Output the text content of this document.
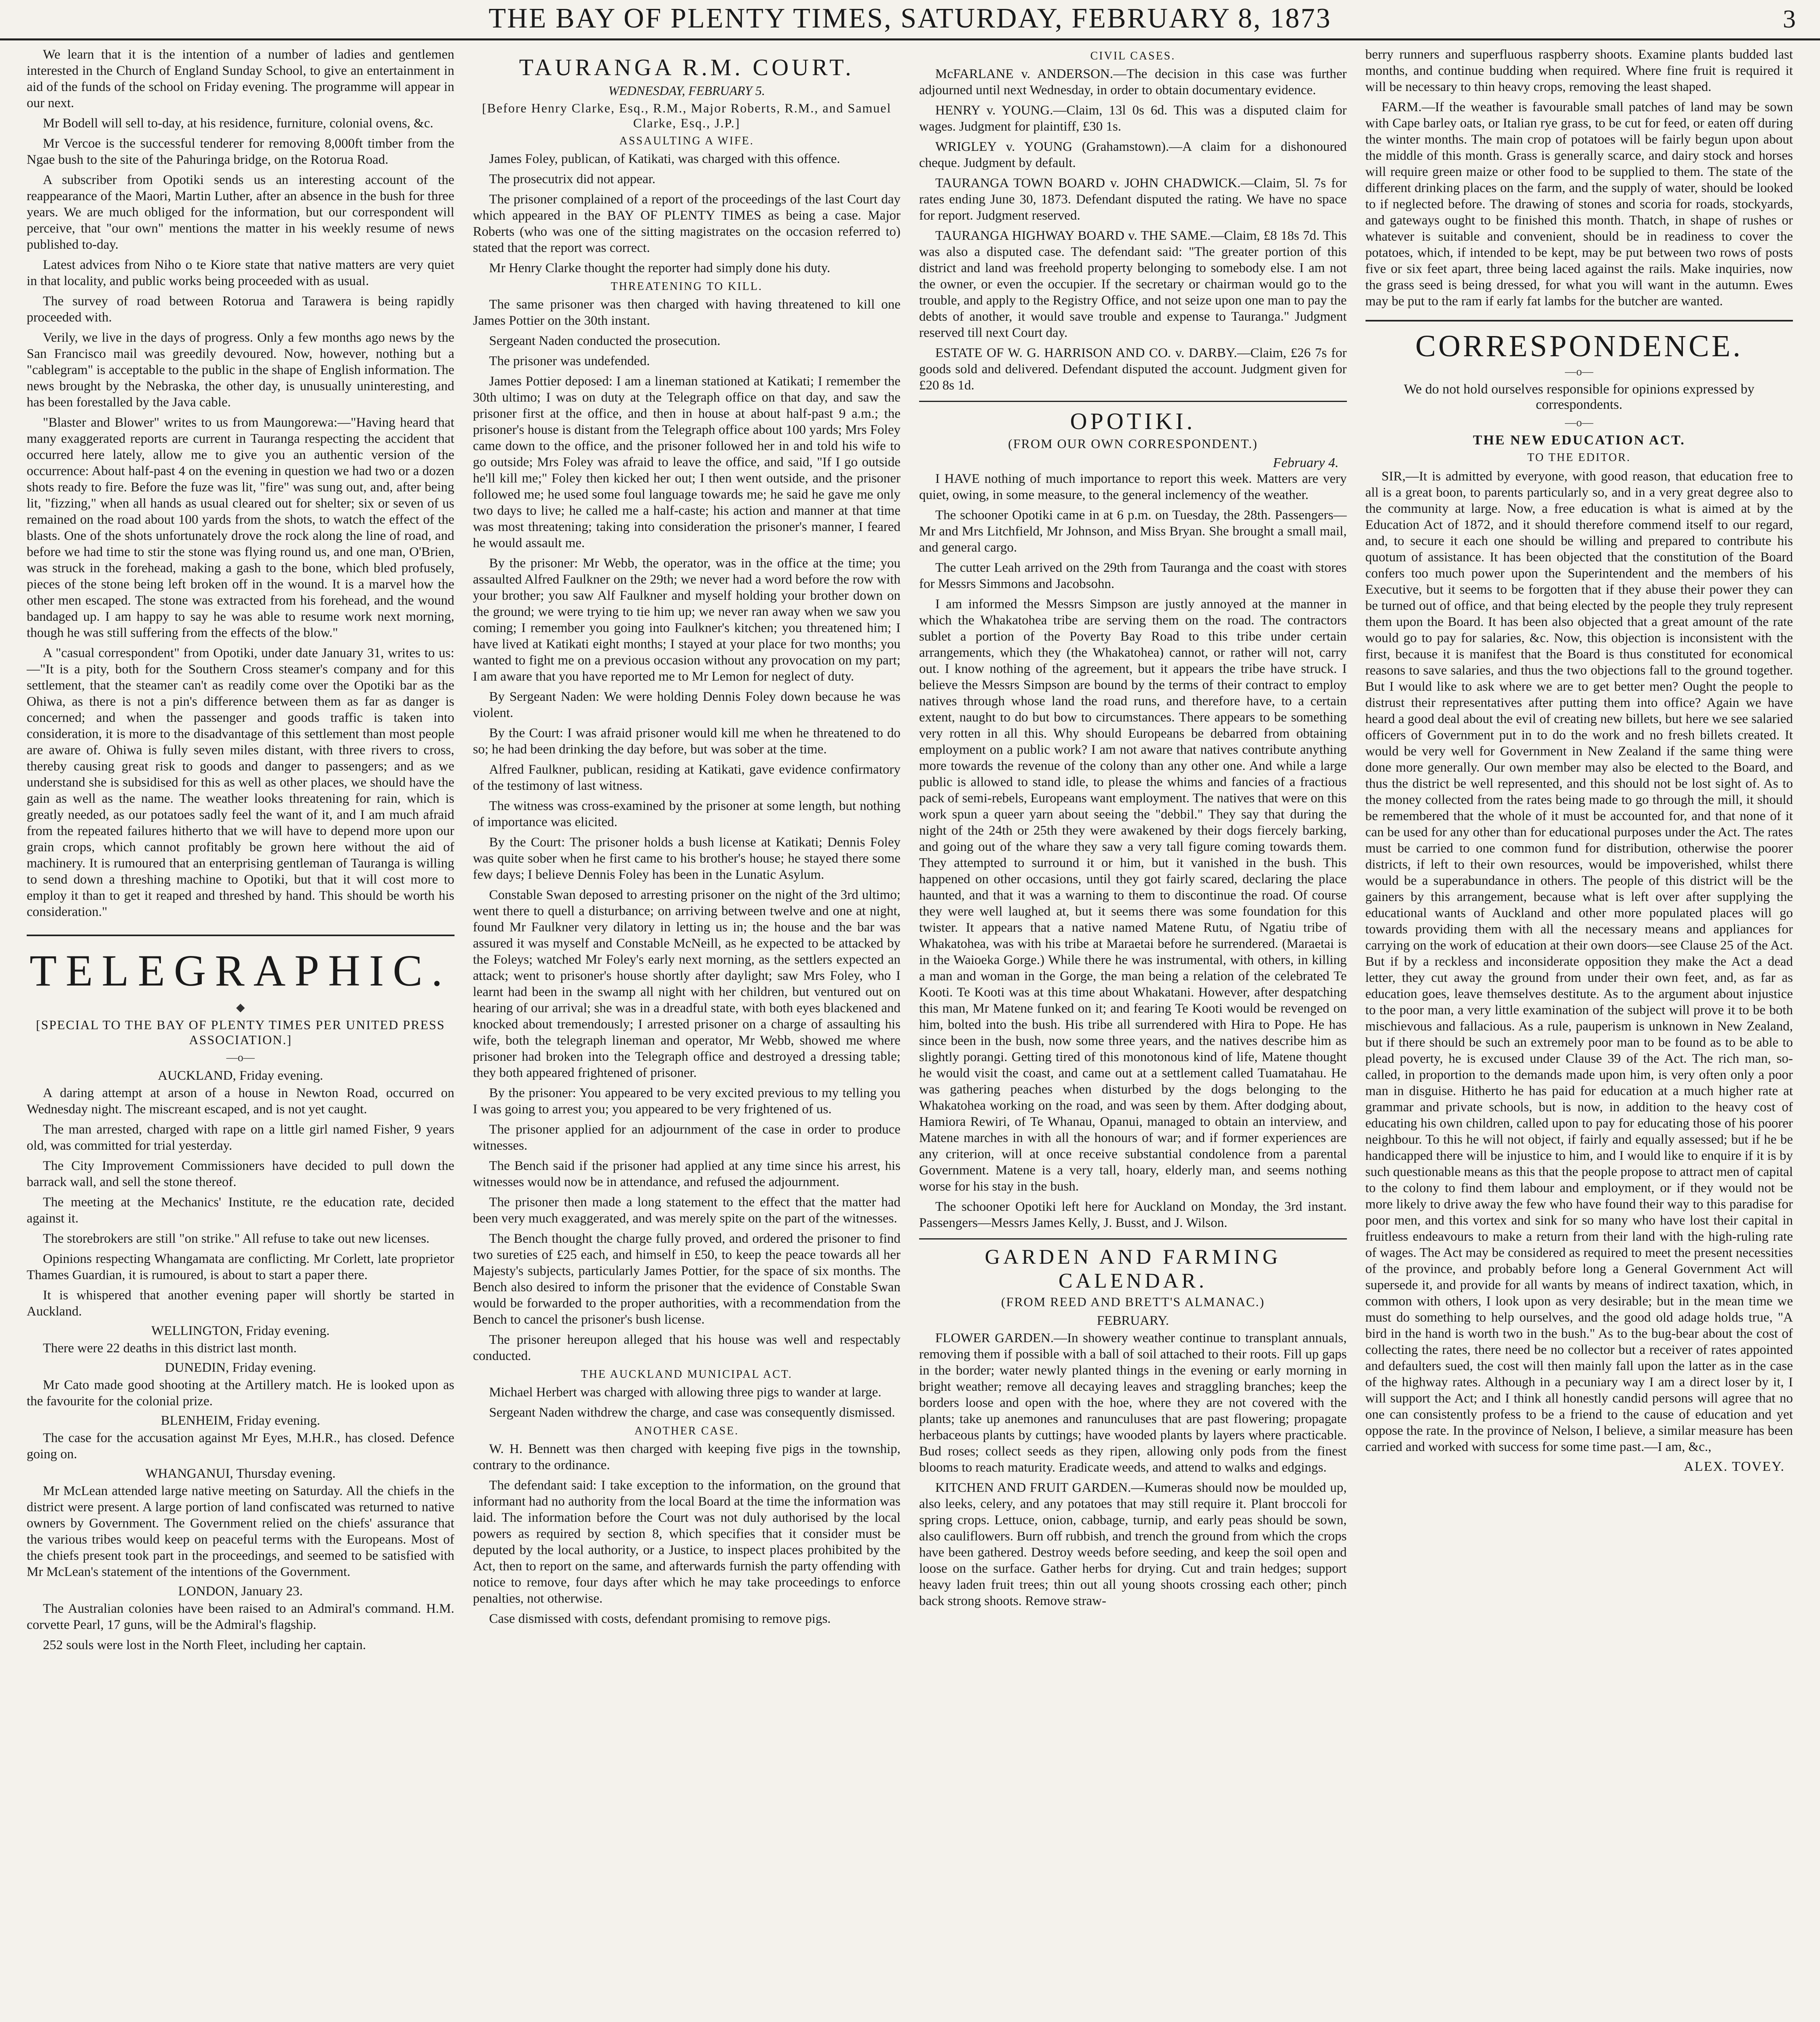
THE BAY OF PLENTY TIMES, SATURDAY, FEBRUARY 8, 1873	3

We learn that it is the intention of a number of ladies and gentlemen interested in the Church of England Sunday School, to give an entertainment in aid of the funds of the school on Friday evening. The programme will appear in our next.

Mr Bodell will sell to-day, at his residence, furniture, colonial ovens, &c.

Mr Vercoe is the successful tenderer for removing 8,000ft timber from the Ngae bush to the site of the Pahuringa bridge, on the Rotorua Road.

A subscriber from Opotiki sends us an interesting account of the reappearance of the Maori, Martin Luther, after an absence in the bush for three years. We are much obliged for the information, but our correspondent will perceive, that "our own" mentions the matter in his weekly resume of news published to-day.

Latest advices from Niho o te Kiore state that native matters are very quiet in that locality, and public works being proceeded with as usual.

The survey of road between Rotorua and Tarawera is being rapidly proceeded with.

Verily, we live in the days of progress. Only a few months ago news by the San Francisco mail was greedily devoured. Now, however, nothing but a "cablegram" is acceptable to the public in the shape of English information. The news brought by the Nebraska, the other day, is unusually uninteresting, and has been forestalled by the Java cable.

"Blaster and Blower" writes to us from Maungorewa:—"Having heard that many exaggerated reports are current in Tauranga respecting the accident that occurred here lately, allow me to give you an authentic version of the occurrence: About half-past 4 on the evening in question we had two or a dozen shots ready to fire. Before the fuze was lit, "fire" was sung out, and, after being lit, "fizzing," when all hands as usual cleared out for shelter; six or seven of us remained on the road about 100 yards from the shots, to watch the effect of the blasts. One of the shots unfortunately drove the rock along the line of road, and before we had time to stir the stone was flying round us, and one man, O'Brien, was struck in the forehead, making a gash to the bone, which bled profusely, pieces of the stone being left broken off in the wound. It is a marvel how the other men escaped. The stone was extracted from his forehead, and the wound bandaged up. I am happy to say he was able to resume work next morning, though he was still suffering from the effects of the blow."

A "casual correspondent" from Opotiki, under date January 31, writes to us:—"It is a pity, both for the Southern Cross steamer's company and for this settlement, that the steamer can't as readily come over the Opotiki bar as the Ohiwa, as there is not a pin's difference between them as far as danger is concerned; and when the passenger and goods traffic is taken into consideration, it is more to the disadvantage of this settlement than most people are aware of. Ohiwa is fully seven miles distant, with three rivers to cross, thereby causing great risk to goods and danger to passengers; and as we understand she is subsidised for this as well as other places, we should have the gain as well as the name. The weather looks threatening for rain, which is greatly needed, as our potatoes sadly feel the want of it, and I am much afraid from the repeated failures hitherto that we will have to depend more upon our grain crops, which cannot profitably be grown here without the aid of machinery. It is rumoured that an enterprising gentleman of Tauranga is willing to send down a threshing machine to Opotiki, but that it will cost more to employ it than to get it reaped and threshed by hand. This should be worth his consideration."

TELEGRAPHIC.
◆
[SPECIAL TO THE BAY OF PLENTY TIMES PER UNITED PRESS ASSOCIATION.]
—o—
AUCKLAND, Friday evening.

A daring attempt at arson of a house in Newton Road, occurred on Wednesday night. The miscreant escaped, and is not yet caught.

The man arrested, charged with rape on a little girl named Fisher, 9 years old, was committed for trial yesterday.

The City Improvement Commissioners have decided to pull down the barrack wall, and sell the stone thereof.

The meeting at the Mechanics' Institute, re the education rate, decided against it.

The storebrokers are still "on strike." All refuse to take out new licenses.

Opinions respecting Whangamata are conflicting. Mr Corlett, late proprietor Thames Guardian, it is rumoured, is about to start a paper there.

It is whispered that another evening paper will shortly be started in Auckland.

WELLINGTON, Friday evening.

There were 22 deaths in this district last month.

DUNEDIN, Friday evening.

Mr Cato made good shooting at the Artillery match. He is looked upon as the favourite for the colonial prize.

BLENHEIM, Friday evening.

The case for the accusation against Mr Eyes, M.H.R., has closed. Defence going on.

WHANGANUI, Thursday evening.

Mr McLean attended large native meeting on Saturday. All the chiefs in the district were present. A large portion of land confiscated was returned to native owners by Government. The Government relied on the chiefs' assurance that the various tribes would keep on peaceful terms with the Europeans. Most of the chiefs present took part in the proceedings, and seemed to be satisfied with Mr McLean's statement of the intentions of the Government.

LONDON, January 23.

The Australian colonies have been raised to an Admiral's command. H.M. corvette Pearl, 17 guns, will be the Admiral's flagship.

252 souls were lost in the North Fleet, including her captain.

TAURANGA R.M. COURT.
WEDNESDAY, FEBRUARY 5.
[Before Henry Clarke, Esq., R.M., Major Roberts, R.M., and Samuel Clarke, Esq., J.P.]
ASSAULTING A WIFE.

James Foley, publican, of Katikati, was charged with this offence.

The prosecutrix did not appear.

The prisoner complained of a report of the proceedings of the last Court day which appeared in the BAY OF PLENTY TIMES as being a case. Major Roberts (who was one of the sitting magistrates on the occasion referred to) stated that the report was correct.

Mr Henry Clarke thought the reporter had simply done his duty.

THREATENING TO KILL.

The same prisoner was then charged with having threatened to kill one James Pottier on the 30th instant.

Sergeant Naden conducted the prosecution.

The prisoner was undefended.

James Pottier deposed: I am a lineman stationed at Katikati; I remember the 30th ultimo; I was on duty at the Telegraph office on that day, and saw the prisoner first at the office, and then in house at about half-past 9 a.m.; the prisoner's house is distant from the Telegraph office about 100 yards; Mrs Foley came down to the office, and the prisoner followed her in and told his wife to go outside; Mrs Foley was afraid to leave the office, and said, "If I go outside he'll kill me;" Foley then kicked her out; I then went outside, and the prisoner followed me; he used some foul language towards me; he said he gave me only two days to live; he called me a half-caste; his action and manner at that time was most threatening; taking into consideration the prisoner's manner, I feared he would assault me.

By the prisoner: Mr Webb, the operator, was in the office at the time; you assaulted Alfred Faulkner on the 29th; we never had a word before the row with your brother; you saw Alf Faulkner and myself holding your brother down on the ground; we were trying to tie him up; we never ran away when we saw you coming; I remember you going into Faulkner's kitchen; you threatened him; I have lived at Katikati eight months; I stayed at your place for two months; you wanted to fight me on a previous occasion without any provocation on my part; I am aware that you have reported me to Mr Lemon for neglect of duty.

By Sergeant Naden: We were holding Dennis Foley down because he was violent.

By the Court: I was afraid prisoner would kill me when he threatened to do so; he had been drinking the day before, but was sober at the time.

Alfred Faulkner, publican, residing at Katikati, gave evidence confirmatory of the testimony of last witness.

The witness was cross-examined by the prisoner at some length, but nothing of importance was elicited.

By the Court: The prisoner holds a bush license at Katikati; Dennis Foley was quite sober when he first came to his brother's house; he stayed there some few days; I believe Dennis Foley has been in the Lunatic Asylum.

Constable Swan deposed to arresting prisoner on the night of the 3rd ultimo; went there to quell a disturbance; on arriving between twelve and one at night, found Mr Faulkner very dilatory in letting us in; the house and the bar was assured it was myself and Constable McNeill, as he expected to be attacked by the Foleys; watched Mr Foley's early next morning, as the settlers expected an attack; went to prisoner's house shortly after daylight; saw Mrs Foley, who I learnt had been in the swamp all night with her children, but ventured out on hearing of our arrival; she was in a dreadful state, with both eyes blackened and knocked about tremendously; I arrested prisoner on a charge of assaulting his wife, both the telegraph lineman and operator, Mr Webb, showed me where prisoner had broken into the Telegraph office and destroyed a dressing table; they both appeared frightened of prisoner.

By the prisoner: You appeared to be very excited previous to my telling you I was going to arrest you; you appeared to be very frightened of us.

The prisoner applied for an adjournment of the case in order to produce witnesses.

The Bench said if the prisoner had applied at any time since his arrest, his witnesses would now be in attendance, and refused the adjournment.

The prisoner then made a long statement to the effect that the matter had been very much exaggerated, and was merely spite on the part of the witnesses.

The Bench thought the charge fully proved, and ordered the prisoner to find two sureties of £25 each, and himself in £50, to keep the peace towards all her Majesty's subjects, particularly James Pottier, for the space of six months. The Bench also desired to inform the prisoner that the evidence of Constable Swan would be forwarded to the proper authorities, with a recommendation from the Bench to cancel the prisoner's bush license.

The prisoner hereupon alleged that his house was well and respectably conducted.

THE AUCKLAND MUNICIPAL ACT.

Michael Herbert was charged with allowing three pigs to wander at large.

Sergeant Naden withdrew the charge, and case was consequently dismissed.

ANOTHER CASE.

W. H. Bennett was then charged with keeping five pigs in the township, contrary to the ordinance.

The defendant said: I take exception to the information, on the ground that informant had no authority from the local Board at the time the information was laid. The information before the Court was not duly authorised by the local powers as required by section 8, which specifies that it consider must be deputed by the local authority, or a Justice, to inspect places prohibited by the Act, then to report on the same, and afterwards furnish the party offending with notice to remove, four days after which he may take proceedings to enforce penalties, not otherwise.

Case dismissed with costs, defendant promising to remove pigs.

CIVIL CASES.

McFARLANE v. ANDERSON.—The decision in this case was further adjourned until next Wednesday, in order to obtain documentary evidence.

HENRY v. YOUNG.—Claim, 13l 0s 6d. This was a disputed claim for wages. Judgment for plaintiff, £30 1s.

WRIGLEY v. YOUNG (Grahamstown).—A claim for a dishonoured cheque. Judgment by default.

TAURANGA TOWN BOARD v. JOHN CHADWICK.—Claim, 5l. 7s for rates ending June 30, 1873. Defendant disputed the rating. We have no space for report. Judgment reserved.

TAURANGA HIGHWAY BOARD v. THE SAME.—Claim, £8 18s 7d. This was also a disputed case. The defendant said: "The greater portion of this district and land was freehold property belonging to somebody else. I am not the owner, or even the occupier. If the secretary or chairman would go to the trouble, and apply to the Registry Office, and not seize upon one man to pay the debts of another, it would save trouble and expense to Tauranga." Judgment reserved till next Court day.

ESTATE OF W. G. HARRISON AND CO. v. DARBY.—Claim, £26 7s for goods sold and delivered. Defendant disputed the account. Judgment given for £20 8s 1d.

OPOTIKI.
(FROM OUR OWN CORRESPONDENT.)
February 4.

I HAVE nothing of much importance to report this week. Matters are very quiet, owing, in some measure, to the general inclemency of the weather.

The schooner Opotiki came in at 6 p.m. on Tuesday, the 28th. Passengers—Mr and Mrs Litchfield, Mr Johnson, and Miss Bryan. She brought a small mail, and general cargo.

The cutter Leah arrived on the 29th from Tauranga and the coast with stores for Messrs Simmons and Jacobsohn.

I am informed the Messrs Simpson are justly annoyed at the manner in which the Whakatohea tribe are serving them on the road. The contractors sublet a portion of the Poverty Bay Road to this tribe under certain arrangements, which they (the Whakatohea) cannot, or rather will not, carry out. I know nothing of the agreement, but it appears the tribe have struck. I believe the Messrs Simpson are bound by the terms of their contract to employ natives through whose land the road runs, and therefore have, to a certain extent, naught to do but bow to circumstances. There appears to be something very rotten in all this. Why should Europeans be debarred from obtaining employment on a public work? I am not aware that natives contribute anything more towards the revenue of the colony than any other one. And while a large public is allowed to stand idle, to please the whims and fancies of a fractious pack of semi-rebels, Europeans want employment. The natives that were on this work spun a queer yarn about seeing the "debbil." They say that during the night of the 24th or 25th they were awakened by their dogs fiercely barking, and going out of the whare they saw a very tall figure coming towards them. They attempted to surround it or him, but it vanished in the bush. This happened on other occasions, until they got fairly scared, declaring the place haunted, and that it was a warning to them to discontinue the road. Of course they were well laughed at, but it seems there was some foundation for this twister. It appears that a native named Matene Rutu, of Ngatiu tribe of Whakatohea, was with his tribe at Maraetai before he surrendered. (Maraetai is in the Waioeka Gorge.) While there he was instrumental, with others, in killing a man and woman in the Gorge, the man being a relation of the celebrated Te Kooti. Te Kooti was at this time about Whakatani. However, after despatching this man, Mr Matene funked on it; and fearing Te Kooti would be revenged on him, bolted into the bush. His tribe all surrendered with Hira to Pope. He has since been in the bush, now some three years, and the natives describe him as slightly porangi. Getting tired of this monotonous kind of life, Matene thought he would visit the coast, and came out at a settlement called Tuamatahau. He was gathering peaches when disturbed by the dogs belonging to the Whakatohea working on the road, and was seen by them. After dodging about, Hamiora Rewiri, of Te Whanau, Opanui, managed to obtain an interview, and Matene marches in with all the honours of war; and if former experiences are any criterion, will at once receive substantial condolence from a parental Government. Matene is a very tall, hoary, elderly man, and seems nothing worse for his stay in the bush.

The schooner Opotiki left here for Auckland on Monday, the 3rd instant. Passengers—Messrs James Kelly, J. Busst, and J. Wilson.

GARDEN AND FARMING CALENDAR.
(FROM REED AND BRETT'S ALMANAC.)
FEBRUARY.

FLOWER GARDEN.—In showery weather continue to transplant annuals, removing them if possible with a ball of soil attached to their roots. Fill up gaps in the border; water newly planted things in the evening or early morning in bright weather; remove all decaying leaves and straggling branches; keep the borders loose and open with the hoe, where they are not covered with the plants; take up anemones and ranunculuses that are past flowering; propagate herbaceous plants by cuttings; have wooded plants by layers where practicable. Bud roses; collect seeds as they ripen, allowing only pods from the finest blooms to reach maturity. Eradicate weeds, and attend to walks and edgings.

KITCHEN AND FRUIT GARDEN.—Kumeras should now be moulded up, also leeks, celery, and any potatoes that may still require it. Plant broccoli for spring crops. Lettuce, onion, cabbage, turnip, and early peas should be sown, also cauliflowers. Burn off rubbish, and trench the ground from which the crops have been gathered. Destroy weeds before seeding, and keep the soil open and loose on the surface. Gather herbs for drying. Cut and train hedges; support heavy laden fruit trees; thin out all young shoots crossing each other; pinch back strong shoots. Remove straw-

berry runners and superfluous raspberry shoots. Examine plants budded last months, and continue budding when required. Where fine fruit is required it will be necessary to thin heavy crops, removing the least shaped.

FARM.—If the weather is favourable small patches of land may be sown with Cape barley oats, or Italian rye grass, to be cut for feed, or eaten off during the winter months. The main crop of potatoes will be fairly begun upon about the middle of this month. Grass is generally scarce, and dairy stock and horses will require green maize or other food to be supplied to them. The state of the different drinking places on the farm, and the supply of water, should be looked to if neglected before. The drawing of stones and scoria for roads, stockyards, and gateways ought to be finished this month. Thatch, in shape of rushes or whatever is suitable and convenient, should be in readiness to cover the potatoes, which, if intended to be kept, may be put between two rows of posts five or six feet apart, three being laced against the rails. Make inquiries, now the grass seed is being dressed, for what you will want in the autumn. Ewes may be put to the ram if early fat lambs for the butcher are wanted.

CORRESPONDENCE.
—o—
We do not hold ourselves responsible for opinions expressed by correspondents.
—o—
THE NEW EDUCATION ACT.
TO THE EDITOR.

SIR,—It is admitted by everyone, with good reason, that education free to all is a great boon, to parents particularly so, and in a very great degree also to the community at large. Now, a free education is what is aimed at by the Education Act of 1872, and it should therefore commend itself to our regard, and, to secure it each one should be willing and prepared to contribute his quotum of assistance. It has been objected that the constitution of the Board confers too much power upon the Superintendent and the members of his Executive, but it seems to be forgotten that if they abuse their power they can be turned out of office, and that being elected by the people they truly represent them upon the Board. It has been also objected that a great amount of the rate would go to pay for salaries, &c. Now, this objection is inconsistent with the first, because it is manifest that the Board is thus constituted for economical reasons to save salaries, and thus the two objections fall to the ground together. But I would like to ask where we are to get better men? Ought the people to distrust their representatives after putting them into office? Again we have heard a good deal about the evil of creating new billets, but here we see salaried officers of Government put in to do the work and no fresh billets created. It would be very well for Government in New Zealand if the same thing were done more generally. Our own member may also be elected to the Board, and thus the district be well represented, and this should not be lost sight of. As to the money collected from the rates being made to go through the mill, it should be remembered that the whole of it must be accounted for, and that none of it can be used for any other than for educational purposes under the Act. The rates must be carried to one common fund for distribution, otherwise the poorer districts, if left to their own resources, would be impoverished, whilst there would be a superabundance in others. The people of this district will be the gainers by this arrangement, because what is left over after supplying the educational wants of Auckland and other more populated places will go towards providing them with all the necessary means and appliances for carrying on the work of education at their own doors—see Clause 25 of the Act. But if by a reckless and inconsiderate opposition they make the Act a dead letter, they cut away the ground from under their own feet, and, as far as education goes, leave themselves destitute. As to the argument about injustice to the poor man, a very little examination of the subject will prove it to be both mischievous and fallacious. As a rule, pauperism is unknown in New Zealand, but if there should be such an extremely poor man to be found as to be able to plead poverty, he is excused under Clause 39 of the Act. The rich man, so-called, in proportion to the demands made upon him, is very often only a poor man in disguise. Hitherto he has paid for education at a much higher rate at grammar and private schools, but is now, in addition to the heavy cost of educating his own children, called upon to pay for educating those of his poorer neighbour. To this he will not object, if fairly and equally assessed; but if he be handicapped there will be injustice to him, and I would like to enquire if it is by such questionable means as this that the people propose to attract men of capital to the colony to find them labour and employment, or if they would not be more likely to drive away the few who have found their way to this paradise for poor men, and this vortex and sink for so many who have lost their capital in fruitless endeavours to make a return from their land with the high-ruling rate of wages. The Act may be considered as required to meet the present necessities of the province, and probably before long a General Government Act will supersede it, and provide for all wants by means of indirect taxation, which, in common with others, I look upon as very desirable; but in the mean time we must do something to help ourselves, and the good old adage holds true, "A bird in the hand is worth two in the bush." As to the bug-bear about the cost of collecting the rates, there need be no collector but a receiver of rates appointed and defaulters sued, the cost will then mainly fall upon the latter as in the case of the highway rates. Although in a pecuniary way I am a direct loser by it, I will support the Act; and I think all honestly candid persons will agree that no one can consistently profess to be a friend to the cause of education and yet oppose the rate. In the province of Nelson, I believe, a similar measure has been carried and worked with success for some time past.—I am, &c.,

ALEX. TOVEY.
